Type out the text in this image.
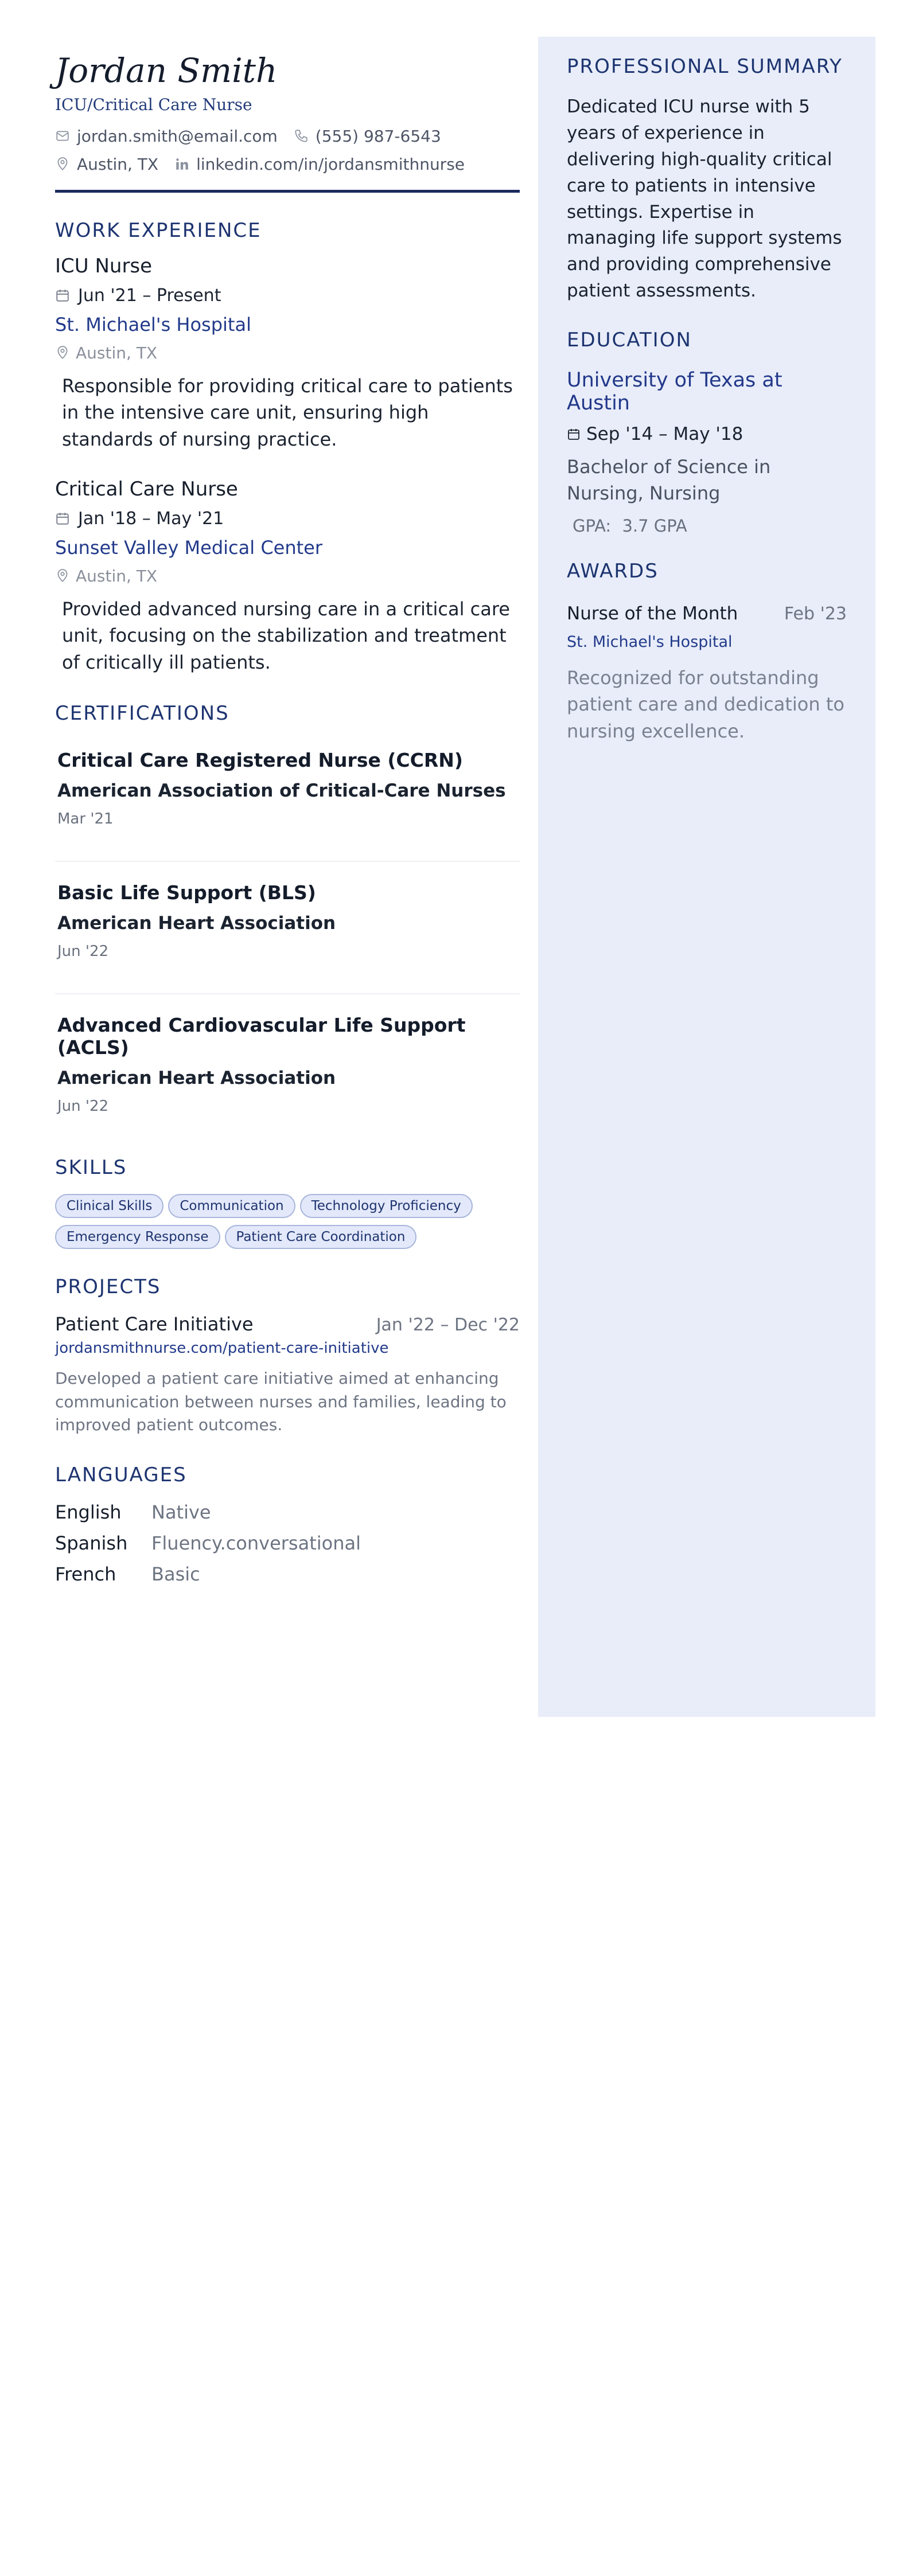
Jordan Smith
ICU/Critical Care Nurse
jordan.smith@email.com (555) 987-6543
Austin, TX linkedin.com/in/jordansmithnurse
WORK EXPERIENCE
ICU Nurse
Jun '21 – Present
St. Michael's Hospital
Austin, TX
Responsible for providing critical care to patients in the intensive care unit, ensuring high standards of nursing practice.
Critical Care Nurse
Jan '18 – May '21
Sunset Valley Medical Center
Austin, TX
Provided advanced nursing care in a critical care unit, focusing on the stabilization and treatment of critically ill patients.
CERTIFICATIONS
Critical Care Registered Nurse (CCRN)
American Association of Critical-Care Nurses
Mar '21
Basic Life Support (BLS)
American Heart Association
Jun '22
Advanced Cardiovascular Life Support (ACLS)
American Heart Association
Jun '22
SKILLS
Clinical Skills	Communication	Technology Proficiency
Emergency Response	Patient Care Coordination
PROJECTS
Patient Care Initiative	Jan '22 – Dec '22
jordansmithnurse.com/patient-care-initiative
Developed a patient care initiative aimed at enhancing communication between nurses and families, leading to improved patient outcomes.
LANGUAGES
English	Native
Spanish	Fluency.conversational
French	Basic
PROFESSIONAL SUMMARY
Dedicated ICU nurse with 5 years of experience in delivering high-quality critical care to patients in intensive settings. Expertise in managing life support systems and providing comprehensive patient assessments.
EDUCATION
University of Texas at Austin
Sep '14 – May '18
Bachelor of Science in Nursing, Nursing
GPA: 3.7 GPA
AWARDS
Nurse of the Month	Feb '23
St. Michael's Hospital
Recognized for outstanding patient care and dedication to nursing excellence.
